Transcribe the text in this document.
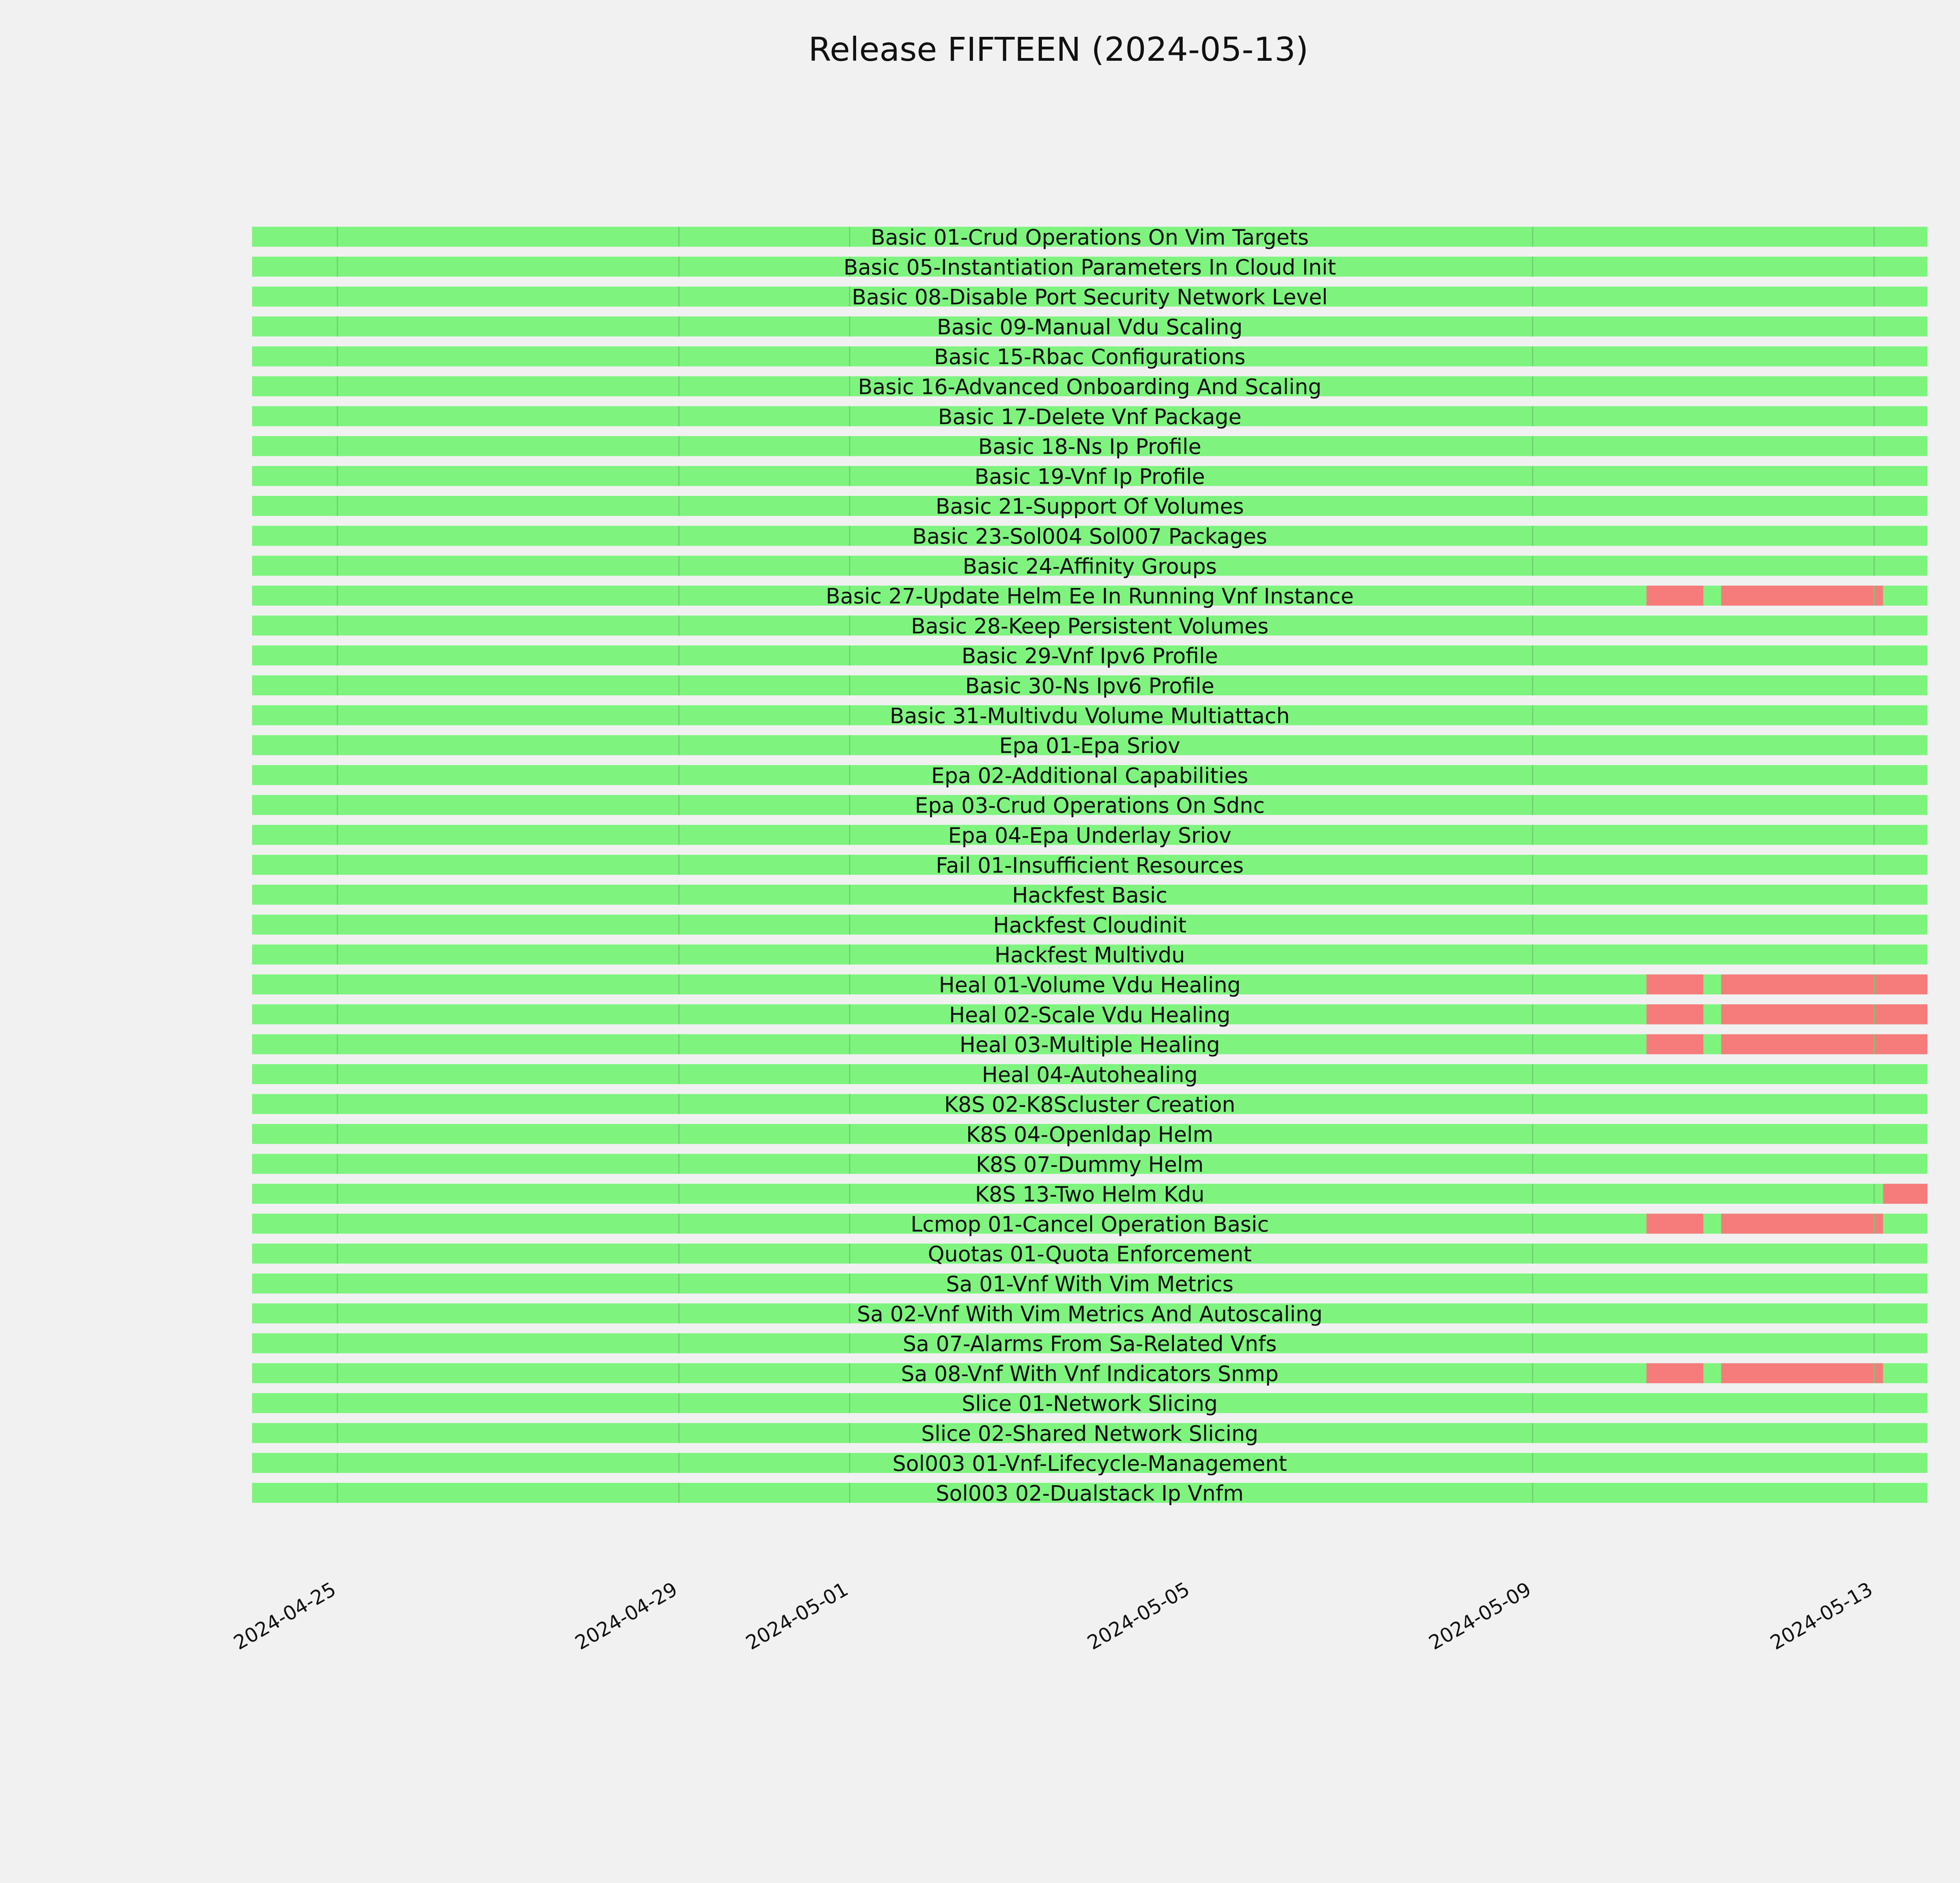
Release FIFTEEN (2024-05-13)
Basic 01-Crud Operations On Vim Targets
Basic 05-Instantiation Parameters In Cloud Init
Basic 08-Disable Port Security Network Level
Basic 09-Manual Vdu Scaling
Basic 15-Rbac Configurations
Basic 16-Advanced Onboarding And Scaling
Basic 17-Delete Vnf Package
Basic 18-Ns Ip Profile
Basic 19-Vnf Ip Profile
Basic 21-Support Of Volumes
Basic 23-Sol004 Sol007 Packages
Basic 24-Affinity Groups
Basic 27-Update Helm Ee In Running Vnf Instance
Basic 28-Keep Persistent Volumes
Basic 29-Vnf Ipv6 Profile
Basic 30-Ns Ipv6 Profile
Basic 31-Multivdu Volume Multiattach
Epa 01-Epa Sriov
Epa 02-Additional Capabilities
Epa 03-Crud Operations On Sdnc
Epa 04-Epa Underlay Sriov
Fail 01-Insufficient Resources
Hackfest Basic
Hackfest Cloudinit
Hackfest Multivdu
Heal 01-Volume Vdu Healing
Heal 02-Scale Vdu Healing
Heal 03-Multiple Healing
Heal 04-Autohealing
K8S 02-K8Scluster Creation
K8S 04-Openldap Helm
K8S 07-Dummy Helm
K8S 13-Two Helm Kdu
Lcmop 01-Cancel Operation Basic
Quotas 01-Quota Enforcement
Sa 01-Vnf With Vim Metrics
Sa 02-Vnf With Vim Metrics And Autoscaling
Sa 07-Alarms From Sa-Related Vnfs
Sa 08-Vnf With Vnf Indicators Snmp
Slice 01-Network Slicing
Slice 02-Shared Network Slicing
Sol003 01-Vnf-Lifecycle-Management
Sol003 02-Dualstack Ip Vnfm
2024-04-25	2024-04-29	2024-05-01	2024-05-05	2024-05-09	2024-05-13
